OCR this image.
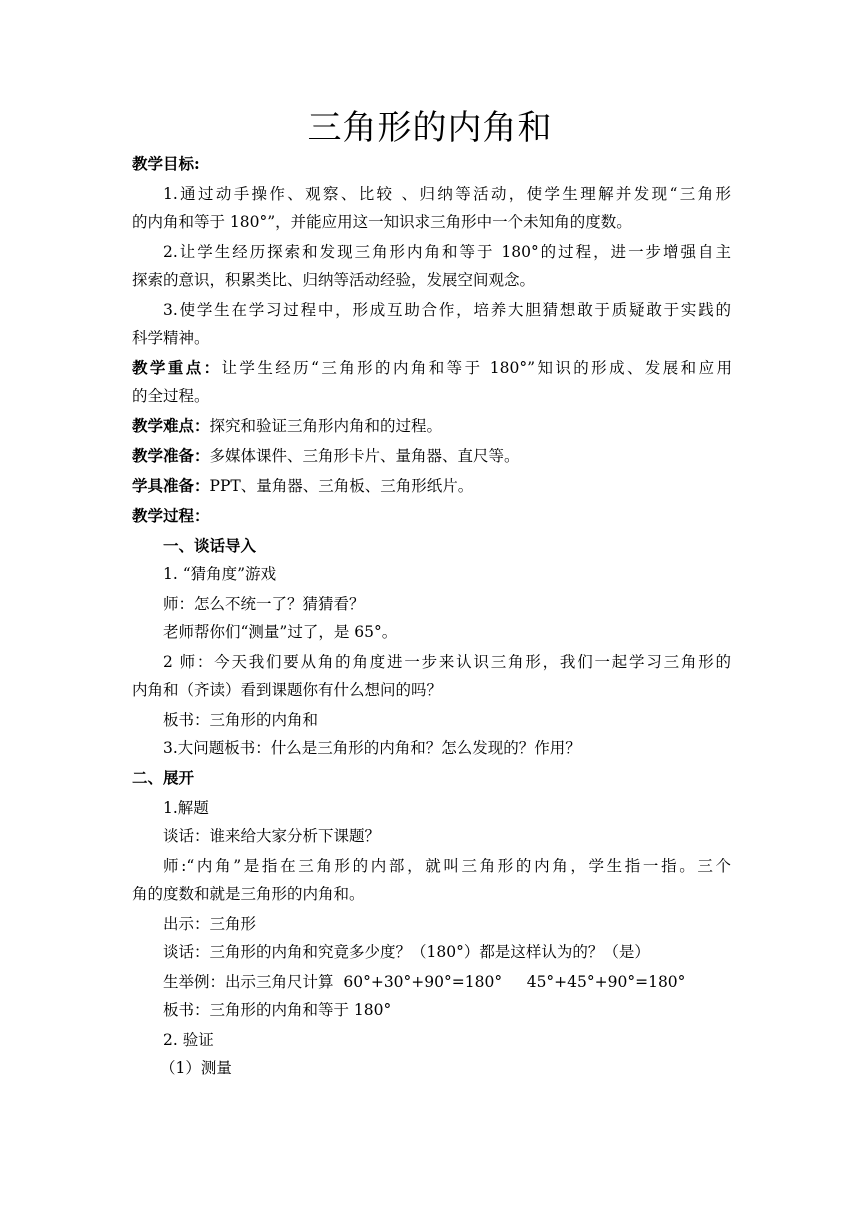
三角形的内角和
教学目标:
1.通过动手操作、观察、比较 、归纳等活动，使学生理解并发现“三角形
的内角和等于 180°”，并能应用这一知识求三角形中一个未知角的度数。
2.让学生经历探索和发现三角形内角和等于 180°的过程，进一步增强自主
探索的意识，积累类比、归纳等活动经验，发展空间观念。
3.使学生在学习过程中，形成互助合作，培养大胆猜想敢于质疑敢于实践的
科学精神。
教学重点：让学生经历“三角形的内角和等于 180°”知识的形成、发展和应用
的全过程。
教学难点：探究和验证三角形内角和的过程。
教学准备：多媒体课件、三角形卡片、量角器、直尺等。
学具准备：PPT、量角器、三角板、三角形纸片。
教学过程：
一、谈话导入
1. “猜角度”游戏
师：怎么不统一了？猜猜看？
老师帮你们“测量”过了，是 65°。
2 师：今天我们要从角的角度进一步来认识三角形，我们一起学习三角形的
内角和（齐读）看到课题你有什么想问的吗？
板书：三角形的内角和
3.大问题板书：什么是三角形的内角和？怎么发现的？作用？
二、展开
1.解题
谈话：谁来给大家分析下课题？
师:“内角”是指在三角形的内部，就叫三角形的内角，学生指一指。三个
角的度数和就是三角形的内角和。
出示：三角形
谈话：三角形的内角和究竟多少度？（180°）都是这样认为的？（是）
生举例：出示三角尺计算  60°+30°+90°=180°     45°+45°+90°=180°
板书：三角形的内角和等于 180°
2. 验证
（1）测量
